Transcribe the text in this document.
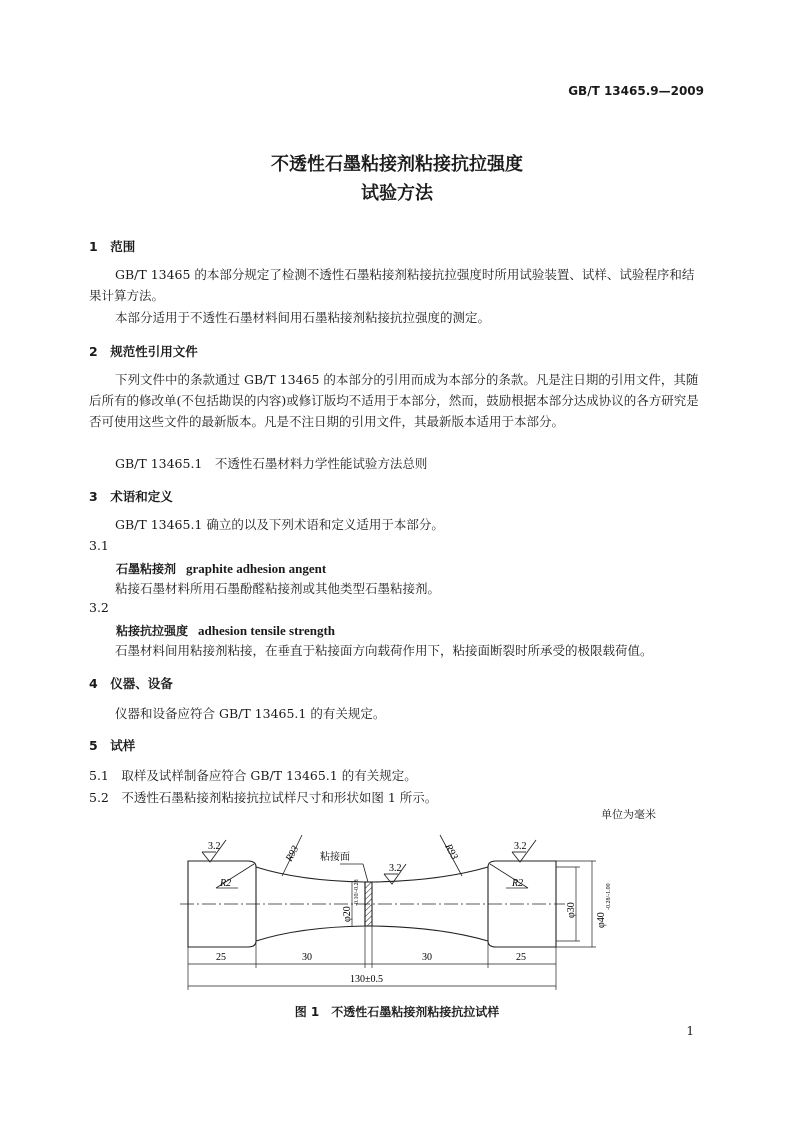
GB/T 13465.9—2009
不透性石墨粘接剂粘接抗拉强度
试验方法
1　范围
GB/T 13465 的本部分规定了检测不透性石墨粘接剂粘接抗拉强度时所用试验装置、试样、试验程序和结果计算方法。
本部分适用于不透性石墨材料间用石墨粘接剂粘接抗拉强度的测定。
2　规范性引用文件
下列文件中的条款通过 GB/T 13465 的本部分的引用而成为本部分的条款。凡是注日期的引用文件，其随后所有的修改单(不包括勘误的内容)或修订版均不适用于本部分，然而，鼓励根据本部分达成协议的各方研究是否可使用这些文件的最新版本。凡是不注日期的引用文件，其最新版本适用于本部分。
GB/T 13465.1　不透性石墨材料力学性能试验方法总则
3　术语和定义
GB/T 13465.1 确立的以及下列术语和定义适用于本部分。
3.1
石墨粘接剂 graphite adhesion angent
粘接石墨材料所用石墨酚醛粘接剂或其他类型石墨粘接剂。
3.2
粘接抗拉强度 adhesion tensile strength
石墨材料间用粘接剂粘接，在垂直于粘接面方向载荷作用下，粘接面断裂时所承受的极限载荷值。
4　仪器、设备
仪器和设备应符合 GB/T 13465.1 的有关规定。
5　试样
5.1　取样及试样制备应符合 GB/T 13465.1 的有关规定。
5.2　不透性石墨粘接剂粘接抗拉试样尺寸和形状如图 1 所示。
单位为毫米
3.2
3.2
3.2
R93	R93
R2	R2
粘接面
φ20
-0.10/-0.28
φ30
φ40
-0.28/-1.00
25	30	30	25
130±0.5
图 1　不透性石墨粘接剂粘接抗拉试样
1
